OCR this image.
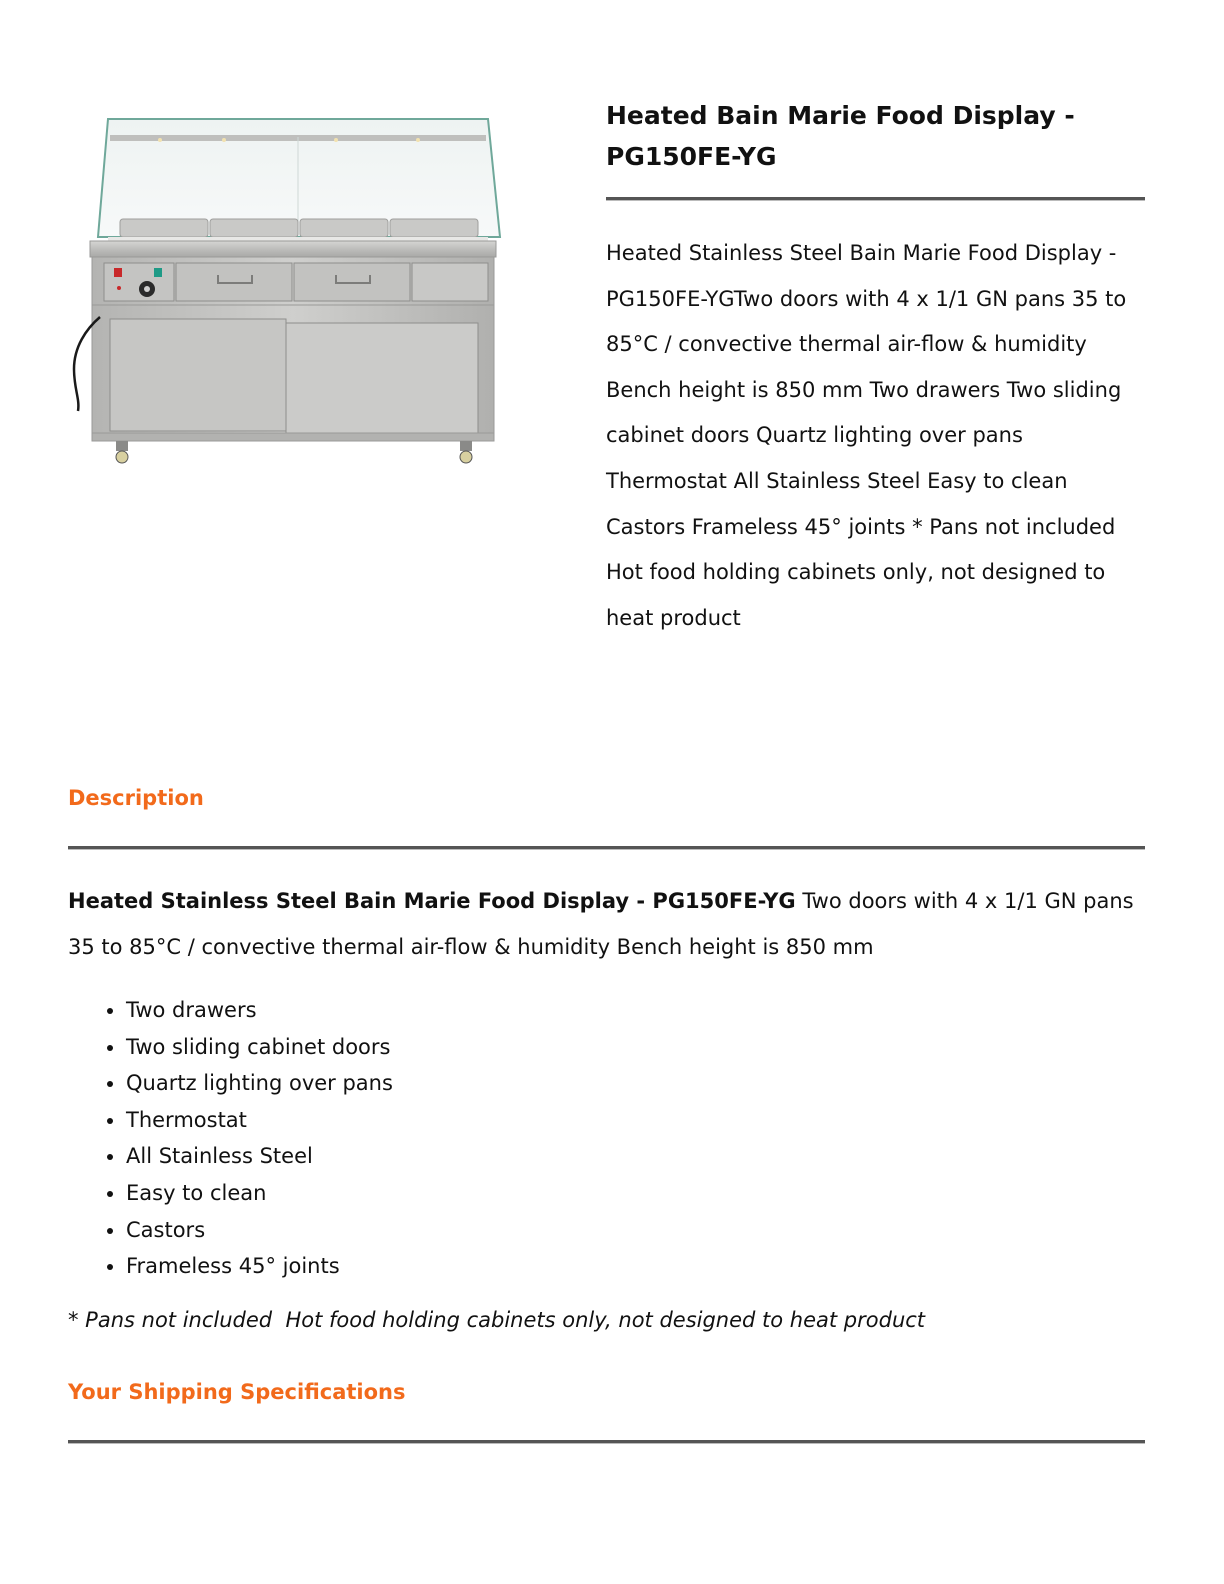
Heated Bain Marie Food Display - PG150FE-YG
Heated Stainless Steel Bain Marie Food Display - PG150FE-YGTwo doors with 4 x 1/1 GN pans 35 to 85°C / convective thermal air-flow & humidity Bench height is 850 mm Two drawers Two sliding cabinet doors Quartz lighting over pans Thermostat All Stainless Steel Easy to clean Castors Frameless 45° joints * Pans not included Hot food holding cabinets only, not designed to heat product
Description
Heated Stainless Steel Bain Marie Food Display - PG150FE-YG Two doors with 4 x 1/1 GN pans 35 to 85°C / convective thermal air-flow & humidity Bench height is 850 mm
• Two drawers
• Two sliding cabinet doors
• Quartz lighting over pans
• Thermostat
• All Stainless Steel
• Easy to clean
• Castors
• Frameless 45° joints
* Pans not included  Hot food holding cabinets only, not designed to heat product
Your Shipping Specifications
